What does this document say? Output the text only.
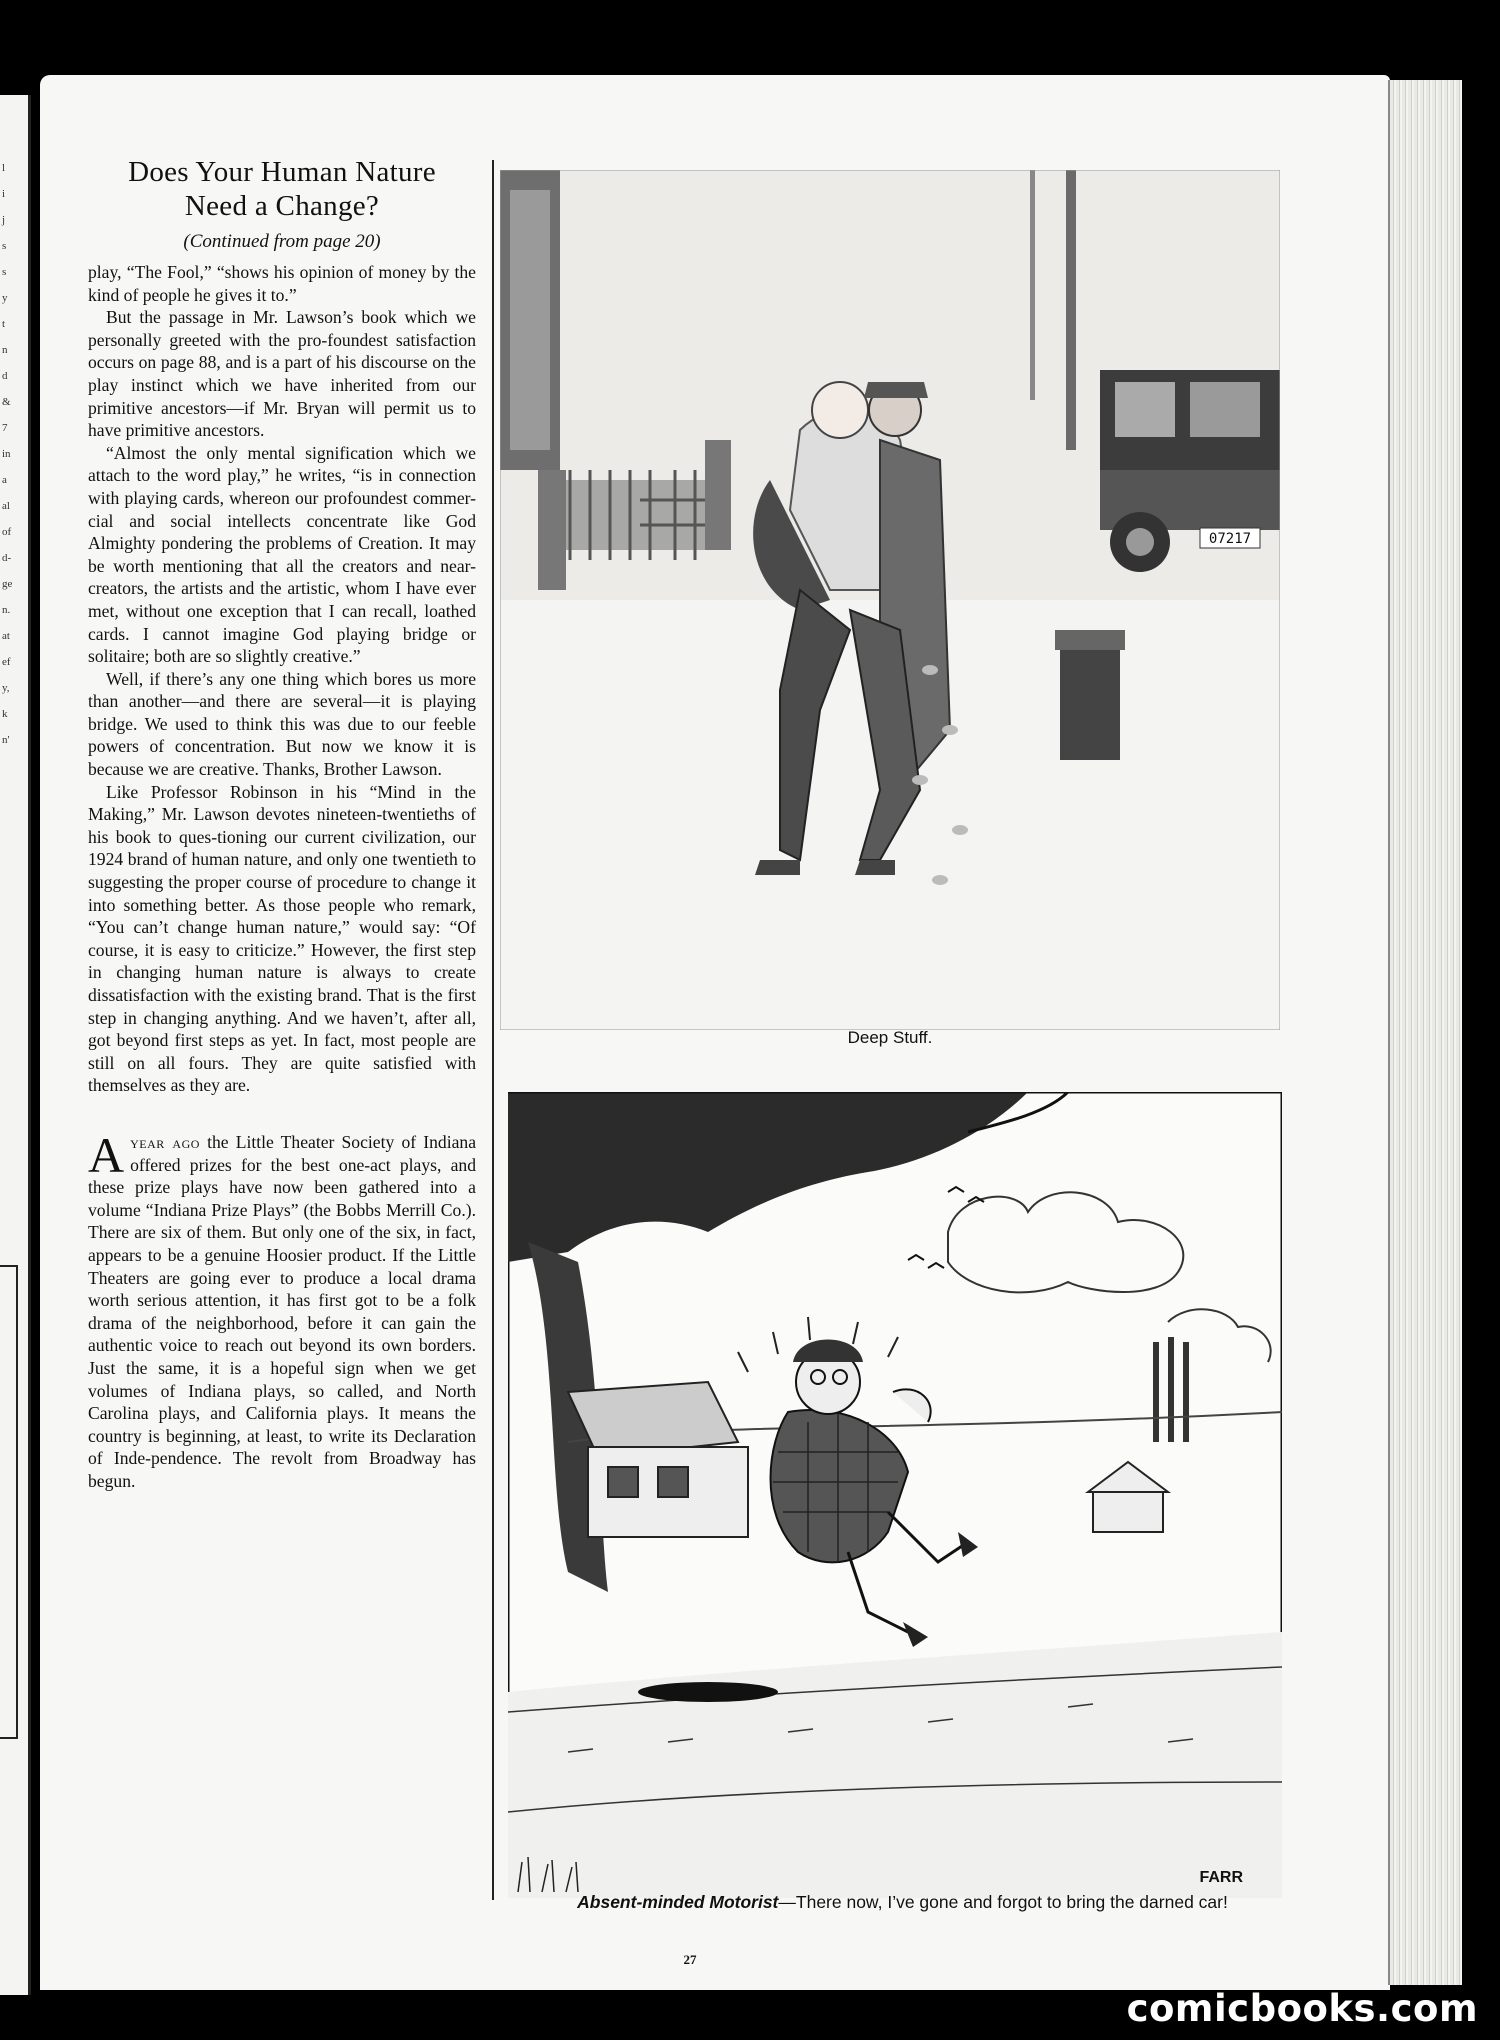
l
i
j
s
s
y
t
n
d
&
7
in
a
al
of
d-
ge
n.
at
ef
y,
k
n'
Does Your Human Nature
Need a Change?
(Continued from page 20)

play, “The Fool,” “shows his opinion of money by the kind of people he gives it to.”

But the passage in Mr. Lawson’s book which we personally greeted with the pro-foundest satisfaction occurs on page 88, and is a part of his discourse on the play instinct which we have inherited from our primitive ancestors—if Mr. Bryan will permit us to have primitive ancestors.

“Almost the only mental signification which we attach to the word play,” he writes, “is in connection with playing cards, whereon our profoundest commer-cial and social intellects concentrate like God Almighty pondering the problems of Creation. It may be worth mentioning that all the creators and near-creators, the artists and the artistic, whom I have ever met, without one exception that I can recall, loathed cards. I cannot imagine God playing bridge or solitaire; both are so slightly creative.”

Well, if there’s any one thing which bores us more than another—and there are several—it is playing bridge. We used to think this was due to our feeble powers of concentration. But now we know it is because we are creative. Thanks, Brother Lawson.

Like Professor Robinson in his “Mind in the Making,” Mr. Lawson devotes nineteen-twentieths of his book to ques-tioning our current civilization, our 1924 brand of human nature, and only one twentieth to suggesting the proper course of procedure to change it into something better. As those people who remark, “You can’t change human nature,” would say: “Of course, it is easy to criticize.” However, the first step in changing human nature is always to create dissatisfaction with the existing brand. That is the first step in changing anything. And we haven’t, after all, got beyond first steps as yet. In fact, most people are still on all fours. They are quite satisfied with themselves as they are.

Ayear ago the Little Theater Society of Indiana offered prizes for the best one-act plays, and these prize plays have now been gathered into a volume “Indiana Prize Plays” (the Bobbs Merrill Co.). There are six of them. But only one of the six, in fact, appears to be a genuine Hoosier product. If the Little Theaters are going ever to produce a local drama worth serious attention, it has first got to be a folk drama of the neighborhood, before it can gain the authentic voice to reach out beyond its own borders. Just the same, it is a hopeful sign when we get volumes of Indiana plays, so called, and North Carolina plays, and California plays. It means the country is beginning, at least, to write its Declaration of Inde-pendence. The revolt from Broadway has begun.

07217
Deep Stuff.
FARR
Absent-minded Motorist—There now, I’ve gone and forgot to bring the darned car!
27
comicbooks.com
